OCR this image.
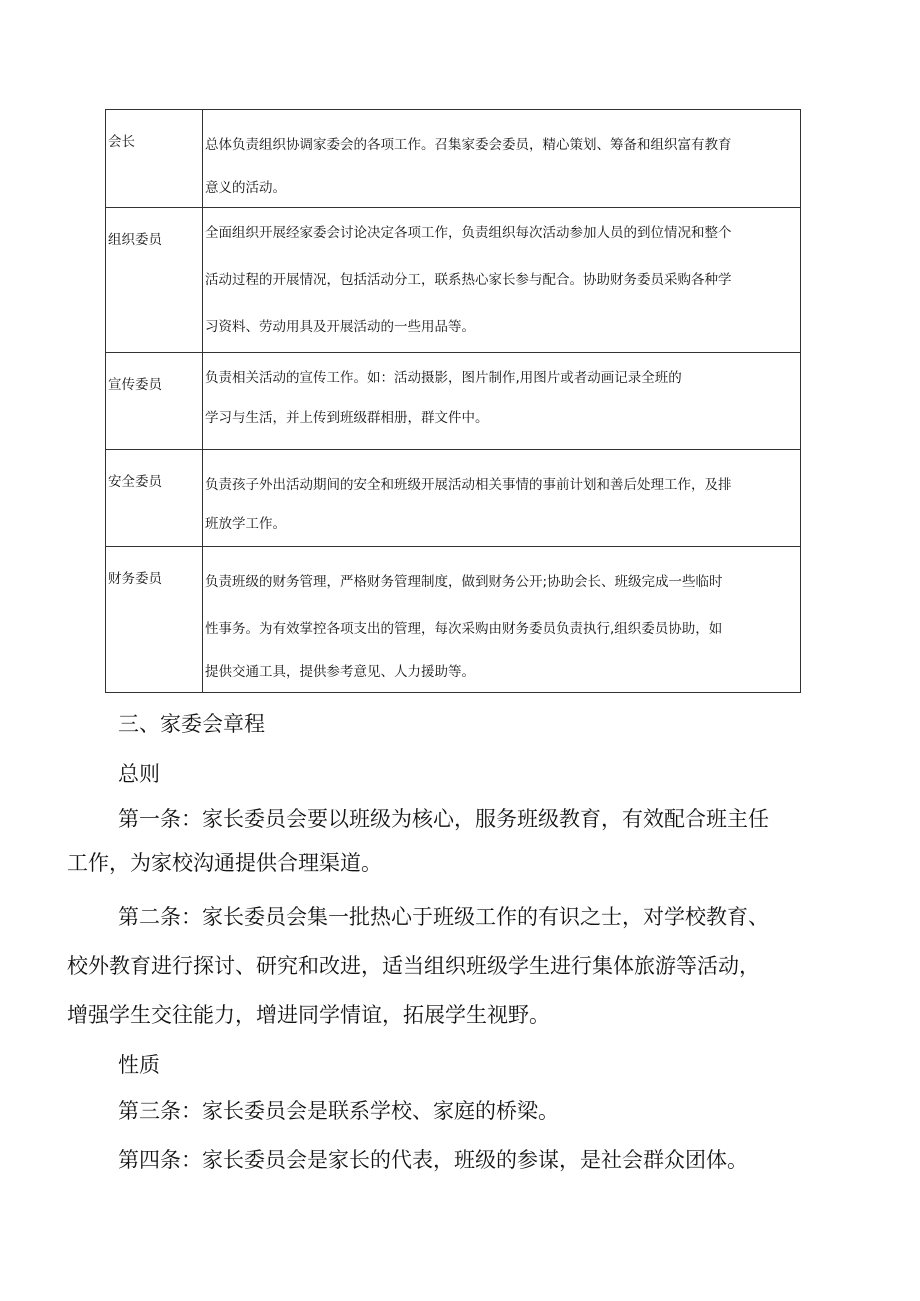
会长	总体负责组织协调家委会的各项工作。召集家委会委员，精心策划、筹备和组织富有教育
意义的活动。

组织委员	全面组织开展经家委会讨论决定各项工作，负责组织每次活动参加人员的到位情况和整个
活动过程的开展情况，包括活动分工，联系热心家长参与配合。协助财务委员采购各种学
习资料、劳动用具及开展活动的一些用品等。

宣传委员	负责相关活动的宣传工作。如：活动摄影，图片制作,用图片或者动画记录全班的
学习与生活，并上传到班级群相册，群文件中。

安全委员	负责孩子外出活动期间的安全和班级开展活动相关事情的事前计划和善后处理工作，及排
班放学工作。

财务委员	负责班级的财务管理，严格财务管理制度，做到财务公开;协助会长、班级完成一些临时
性事务。为有效掌控各项支出的管理，每次采购由财务委员负责执行,组织委员协助，如
提供交通工具，提供参考意见、人力援助等。
三、家委会章程
总则
第一条：家长委员会要以班级为核心，服务班级教育，有效配合班主任
工作，为家校沟通提供合理渠道。
第二条：家长委员会集一批热心于班级工作的有识之士，对学校教育、
校外教育进行探讨、研究和改进，适当组织班级学生进行集体旅游等活动，
增强学生交往能力，增进同学情谊，拓展学生视野。
性质
第三条：家长委员会是联系学校、家庭的桥梁。
第四条：家长委员会是家长的代表，班级的参谋，是社会群众团体。
